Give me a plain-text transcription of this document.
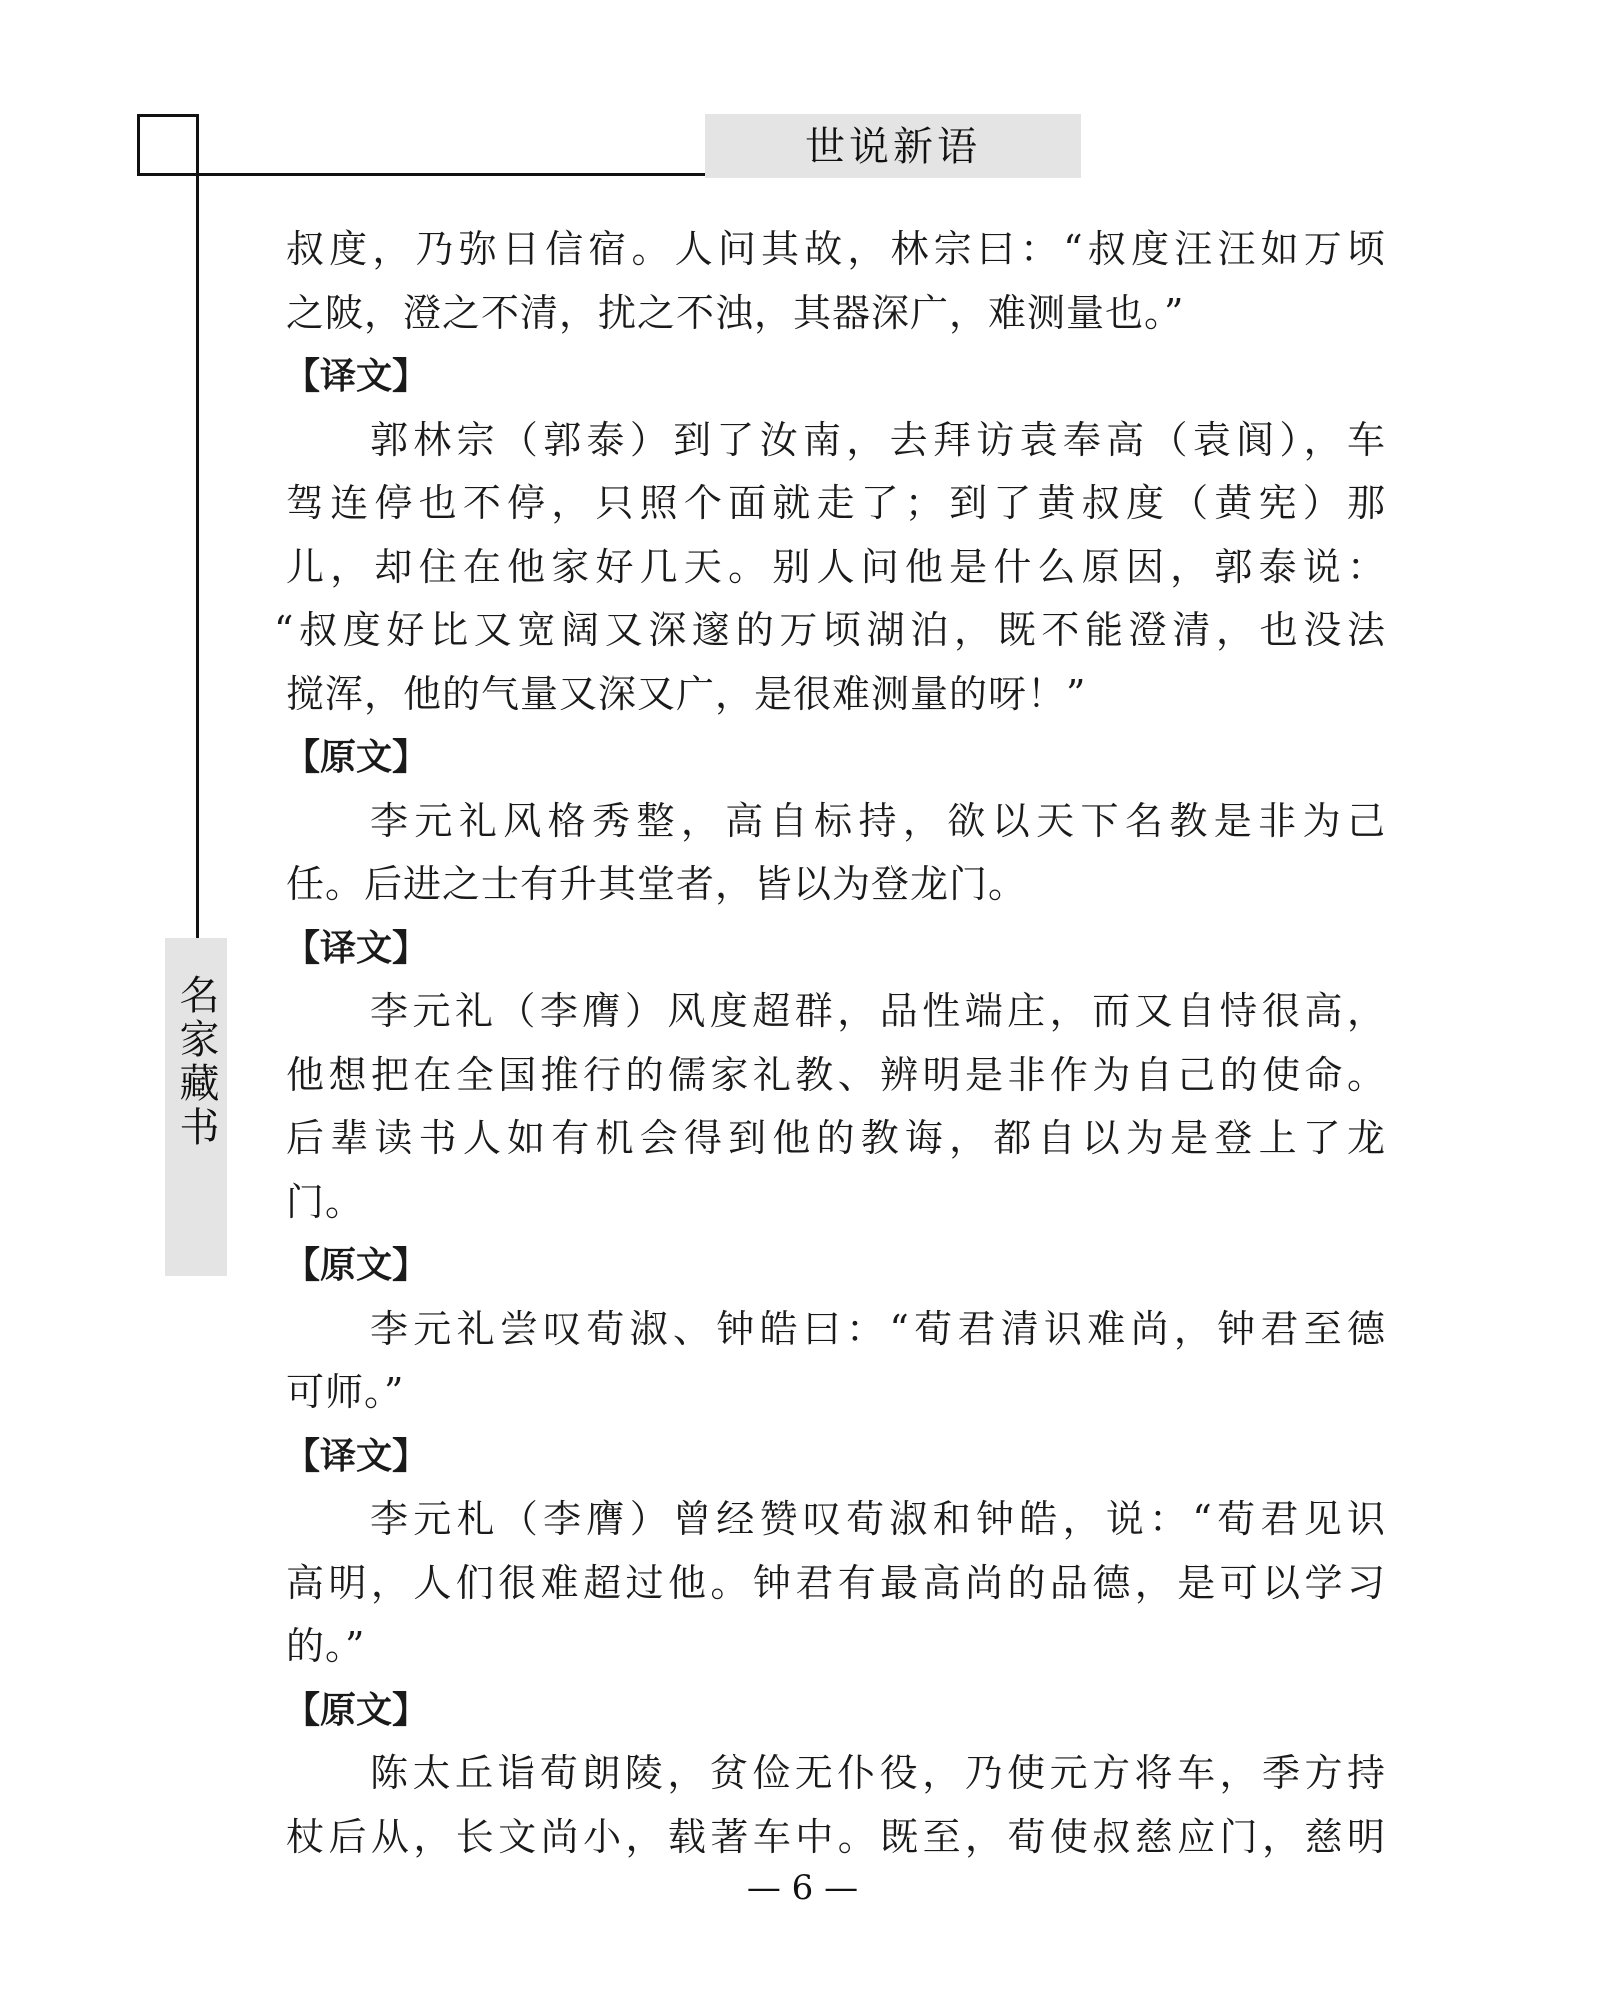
世说新语
名家藏书
叔度，乃弥日信宿。人问其故，林宗曰：“叔度汪汪如万顷
之陂，澄之不清，扰之不浊，其器深广，难测量也。”
【译文】
郭林宗（郭泰）到了汝南，去拜访袁奉高（袁阆），车
驾连停也不停，只照个面就走了；到了黄叔度（黄宪）那
儿，却住在他家好几天。别人问他是什么原因，郭泰说：
“叔度好比又宽阔又深邃的万顷湖泊，既不能澄清，也没法
搅浑，他的气量又深又广，是很难测量的呀！”
【原文】
李元礼风格秀整，高自标持，欲以天下名教是非为己
任。后进之士有升其堂者，皆以为登龙门。
【译文】
李元礼（李膺）风度超群，品性端庄，而又自恃很高，
他想把在全国推行的儒家礼教、辨明是非作为自己的使命。
后辈读书人如有机会得到他的教诲，都自以为是登上了龙
门。
【原文】
李元礼尝叹荀淑、钟皓曰：“荀君清识难尚，钟君至德
可师。”
【译文】
李元札（李膺）曾经赞叹荀淑和钟皓，说：“荀君见识
高明，人们很难超过他。钟君有最高尚的品德，是可以学习
的。”
【原文】
陈太丘诣荀朗陵，贫俭无仆役，乃使元方将车，季方持
杖后从，长文尚小，载著车中。既至，荀使叔慈应门，慈明
— 6 —
